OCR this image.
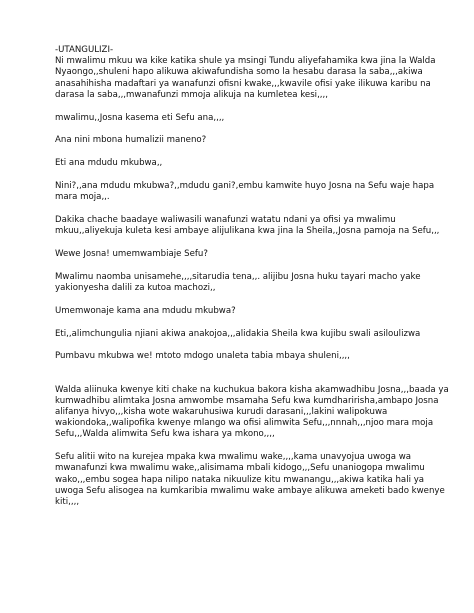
-UTANGULIZI-
Ni mwalimu mkuu wa kike katika shule ya msingi Tundu aliyefahamika kwa jina la Walda Nyaongo,,shuleni hapo alikuwa akiwafundisha somo la hesabu darasa la saba,,,akiwa anasahihisha madaftari ya wanafunzi ofisni kwake,,,kwavile ofisi yake ilikuwa karibu na darasa la saba,,,mwanafunzi mmoja alikuja na kumletea kesi,,,,

mwalimu,,Josna kasema eti Sefu ana,,,,

Ana nini mbona humalizii maneno?

Eti ana mdudu mkubwa,,

Nini?,,ana mdudu mkubwa?,,mdudu gani?,embu kamwite huyo Josna na Sefu waje hapa mara moja,,.

Dakika chache baadaye waliwasili wanafunzi watatu ndani ya ofisi ya mwalimu mkuu,,aliyekuja kuleta kesi ambaye alijulikana kwa jina la Sheila,,Josna pamoja na Sefu,,,

Wewe Josna! umemwambiaje Sefu?

Mwalimu naomba unisamehe,,,,sitarudia tena,,. alijibu Josna huku tayari macho yake yakionyesha dalili za kutoa machozi,,

Umemwonaje kama ana mdudu mkubwa?

Eti,,alimchungulia njiani akiwa anakojoa,,,alidakia Sheila kwa kujibu swali asiloulizwa

Pumbavu mkubwa we! mtoto mdogo unaleta tabia mbaya shuleni,,,,

Walda aliinuka kwenye kiti chake na kuchukua bakora kisha akamwadhibu Josna,,,baada ya kumwadhibu alimtaka Josna amwombe msamaha Sefu kwa kumdharirisha,ambapo Josna alifanya hivyo,,,kisha wote wakaruhusiwa kurudi darasani,,,lakini walipokuwa wakiondoka,,walipofika kwenye mlango wa ofisi alimwita Sefu,,,nnnah,,,njoo mara moja Sefu,,,Walda alimwita Sefu kwa ishara ya mkono,,,,

Sefu alitii wito na kurejea mpaka kwa mwalimu wake,,,,kama unavyojua uwoga wa mwanafunzi kwa mwalimu wake,,alisimama mbali kidogo,,,Sefu unaniogopa mwalimu wako,,,embu sogea hapa nilipo nataka nikuulize kitu mwanangu,,,akiwa katika hali ya uwoga Sefu alisogea na kumkaribia mwalimu wake ambaye alikuwa ameketi bado kwenye kiti,,,,
